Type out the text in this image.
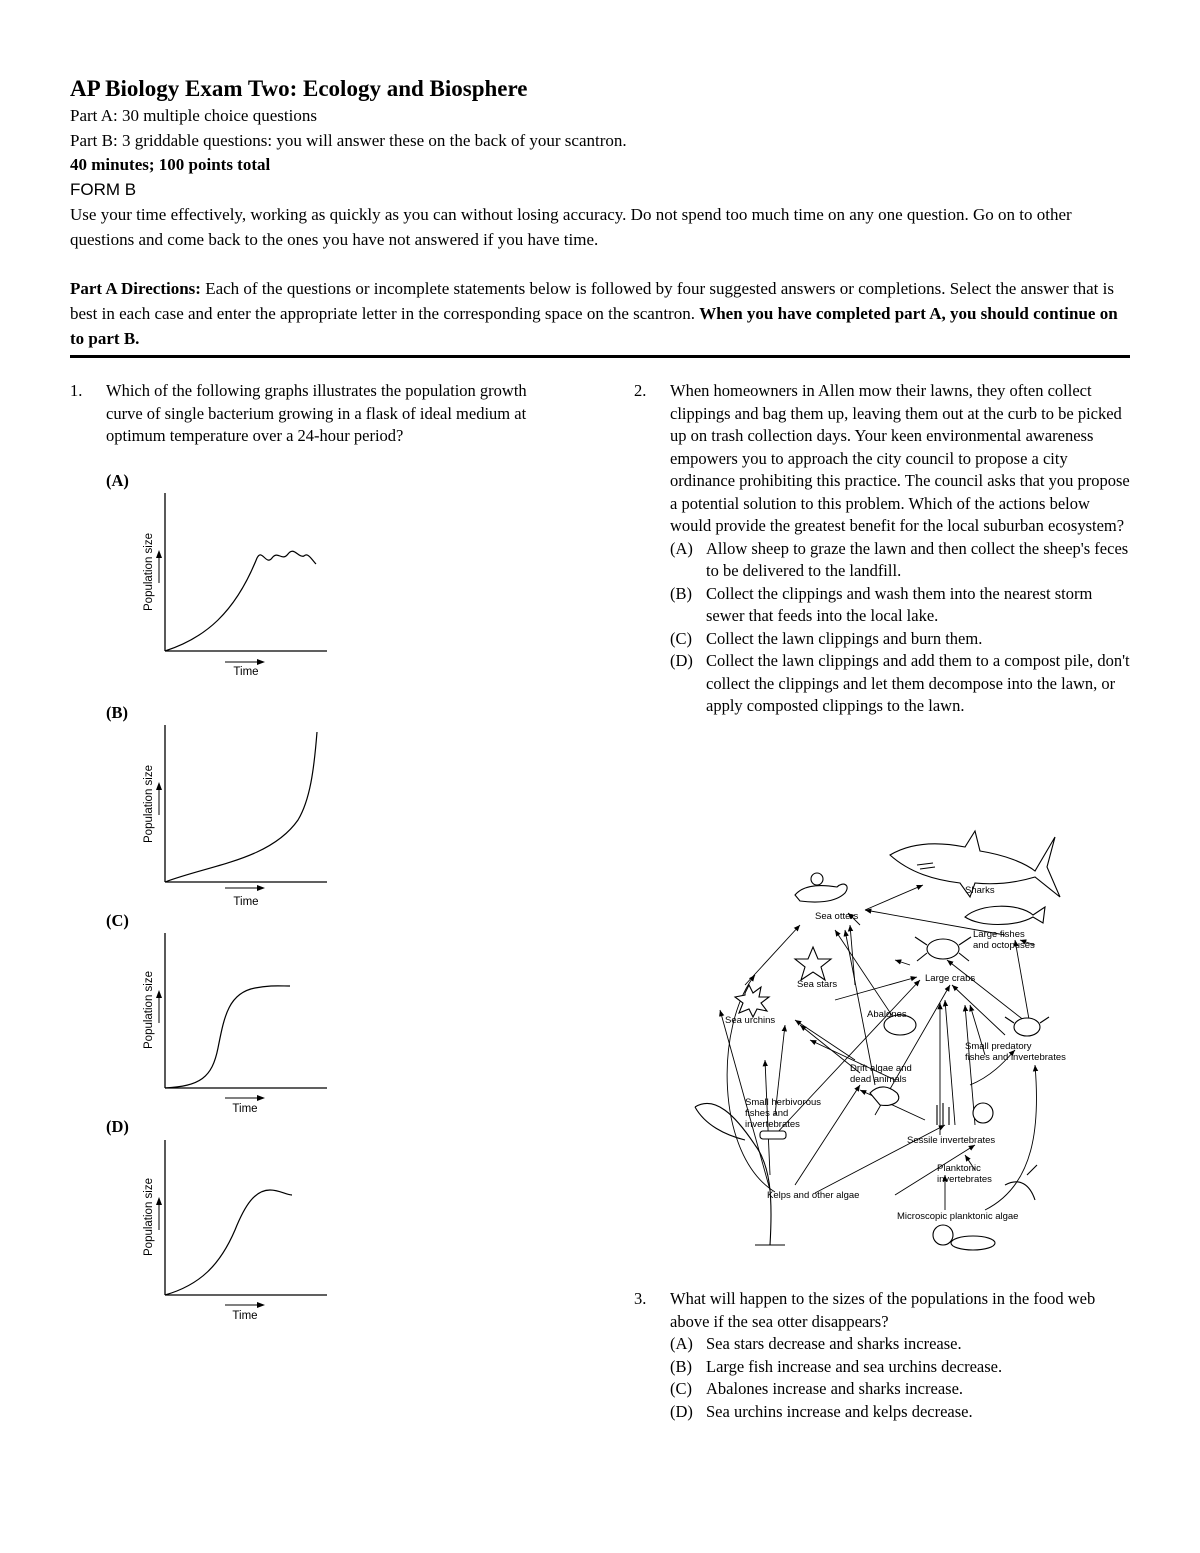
AP Biology Exam Two: Ecology and Biosphere

Part A: 30 multiple choice questions

Part B: 3 griddable questions: you will answer these on the back of your scantron.

40 minutes; 100 points total

FORM B

Use your time effectively, working as quickly as you can without losing accuracy. Do not spend too much time on any one question. Go on to other questions and come back to the ones you have not answered if you have time.

Part A Directions: Each of the questions or incomplete statements below is followed by four suggested answers or completions. Select the answer that is best in each case and enter the appropriate letter in the corresponding space on the scantron. When you have completed part A, you should continue on to part B.

1. Which of the following graphs illustrates the population growth curve of single bacterium growing in a flask of ideal medium at optimum temperature over a 24-hour period?
(A)
(B)
(C)
(D)
Population size
Time
Population size
Time
Population size
Time
Population size
Time
2. When homeowners in Allen mow their lawns, they often collect clippings and bag them up, leaving them out at the curb to be picked up on trash collection days. Your keen environmental awareness empowers you to approach the city council to propose a city ordinance prohibiting this practice. The council asks that you propose a potential solution to this problem. Which of the actions below would provide the greatest benefit for the local suburban ecosystem?
(A) Allow sheep to graze the lawn and then collect the sheep's feces to be delivered to the landfill.
(B) Collect the clippings and wash them into the nearest storm sewer that feeds into the local lake.
(C) Collect the lawn clippings and burn them.
(D) Collect the lawn clippings and add them to a compost pile, don't collect the clippings and let them decompose into the lawn, or apply composted clippings to the lawn.
Sharks
Sea otters
Large fishes and octopuses
Large crabs
Sea stars
Sea urchins
Abalones
Small predatory fishes and invertebrates
Drift algae and dead animals
Small herbivorous fishes and invertebrates
Sessile invertebrates
Planktonic invertebrates
Kelps and other algae
Microscopic planktonic algae
3. What will happen to the sizes of the populations in the food web above if the sea otter disappears?
(A) Sea stars decrease and sharks increase.
(B) Large fish increase and sea urchins decrease.
(C) Abalones increase and sharks increase.
(D) Sea urchins increase and kelps decrease.
